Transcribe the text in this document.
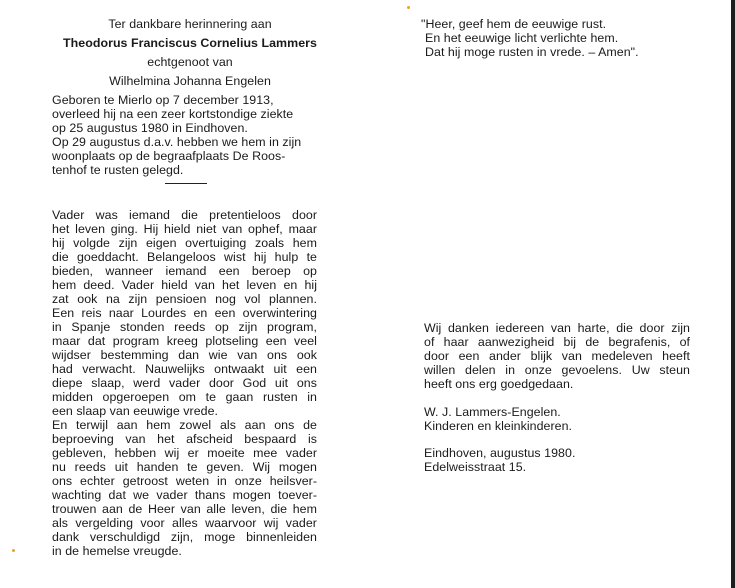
Ter dankbare herinnering aan
Theodorus Franciscus Cornelius Lammers
echtgenoot van
Wilhelmina Johanna Engelen
Geboren te Mierlo op 7 december 1913,
overleed hij na een zeer kortstondige ziekte
op 25 augustus 1980 in Eindhoven.
Op 29 augustus d.a.v. hebben we hem in zijn
woonplaats op de begraafplaats De Roos-
tenhof te rusten gelegd.
Vader was iemand die pretentieloos door
het leven ging. Hij hield niet van ophef, maar
hij volgde zijn eigen overtuiging zoals hem
die goeddacht. Belangeloos wist hij hulp te
bieden, wanneer iemand een beroep op
hem deed. Vader hield van het leven en hij
zat ook na zijn pensioen nog vol plannen.
Een reis naar Lourdes en een overwintering
in Spanje stonden reeds op zijn program,
maar dat program kreeg plotseling een veel
wijdser bestemming dan wie van ons ook
had verwacht. Nauwelijks ontwaakt uit een
diepe slaap, werd vader door God uit ons
midden opgeroepen om te gaan rusten in
een slaap van eeuwige vrede.
En terwijl aan hem zowel als aan ons de
beproeving van het afscheid bespaard is
gebleven, hebben wij er moeite mee vader
nu reeds uit handen te geven. Wij mogen
ons echter getroost weten in onze heilsver-
wachting dat we vader thans mogen toever-
trouwen aan de Heer van alle leven, die hem
als vergelding voor alles waarvoor wij vader
dank verschuldigd zijn, moge binnenleiden
in de hemelse vreugde.
"Heer, geef hem de eeuwige rust.
En het eeuwige licht verlichte hem.
Dat hij moge rusten in vrede. – Amen".
Wij danken iedereen van harte, die door zijn
of haar aanwezigheid bij de begrafenis, of
door een ander blijk van medeleven heeft
willen delen in onze gevoelens. Uw steun
heeft ons erg goedgedaan.
W. J. Lammers-Engelen.
Kinderen en kleinkinderen.
Eindhoven, augustus 1980.
Edelweisstraat 15.
